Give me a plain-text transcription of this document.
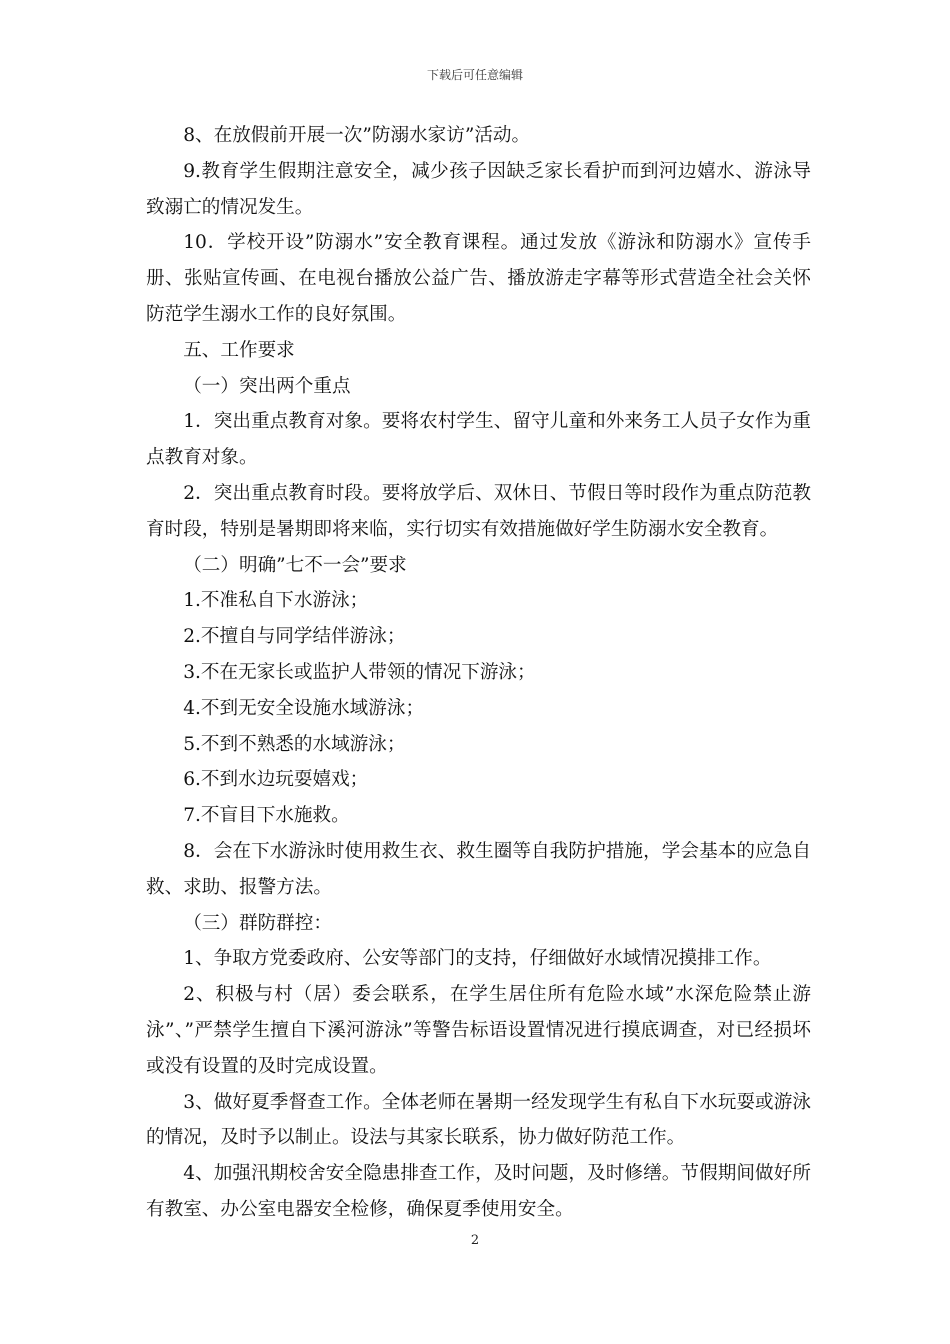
下载后可任意编辑

8、在放假前开展一次”防溺水家访”活动。

9.教育学生假期注意安全，减少孩子因缺乏家长看护而到河边嬉水、游泳导致溺亡的情况发生。

10．学校开设”防溺水”安全教育课程。通过发放《游泳和防溺水》宣传手册、张贴宣传画、在电视台播放公益广告、播放游走字幕等形式营造全社会关怀防范学生溺水工作的良好氛围。

五、工作要求

（一）突出两个重点

1．突出重点教育对象。要将农村学生、留守儿童和外来务工人员子女作为重点教育对象。

2．突出重点教育时段。要将放学后、双休日、节假日等时段作为重点防范教育时段，特别是暑期即将来临，实行切实有效措施做好学生防溺水安全教育。

（二）明确”七不一会”要求

1.不准私自下水游泳；

2.不擅自与同学结伴游泳；

3.不在无家长或监护人带领的情况下游泳；

4.不到无安全设施水域游泳；

5.不到不熟悉的水域游泳；

6.不到水边玩耍嬉戏；

7.不盲目下水施救。

8．会在下水游泳时使用救生衣、救生圈等自我防护措施，学会基本的应急自救、求助、报警方法。

（三）群防群控：

1、争取方党委政府、公安等部门的支持，仔细做好水域情况摸排工作。

2、积极与村（居）委会联系，在学生居住所有危险水域”水深危险禁止游泳”、”严禁学生擅自下溪河游泳”等警告标语设置情况进行摸底调查，对已经损坏或没有设置的及时完成设置。

3、做好夏季督查工作。全体老师在暑期一经发现学生有私自下水玩耍或游泳的情况，及时予以制止。设法与其家长联系，协力做好防范工作。

4、加强汛期校舍安全隐患排查工作，及时问题，及时修缮。节假期间做好所有教室、办公室电器安全检修，确保夏季使用安全。

2
